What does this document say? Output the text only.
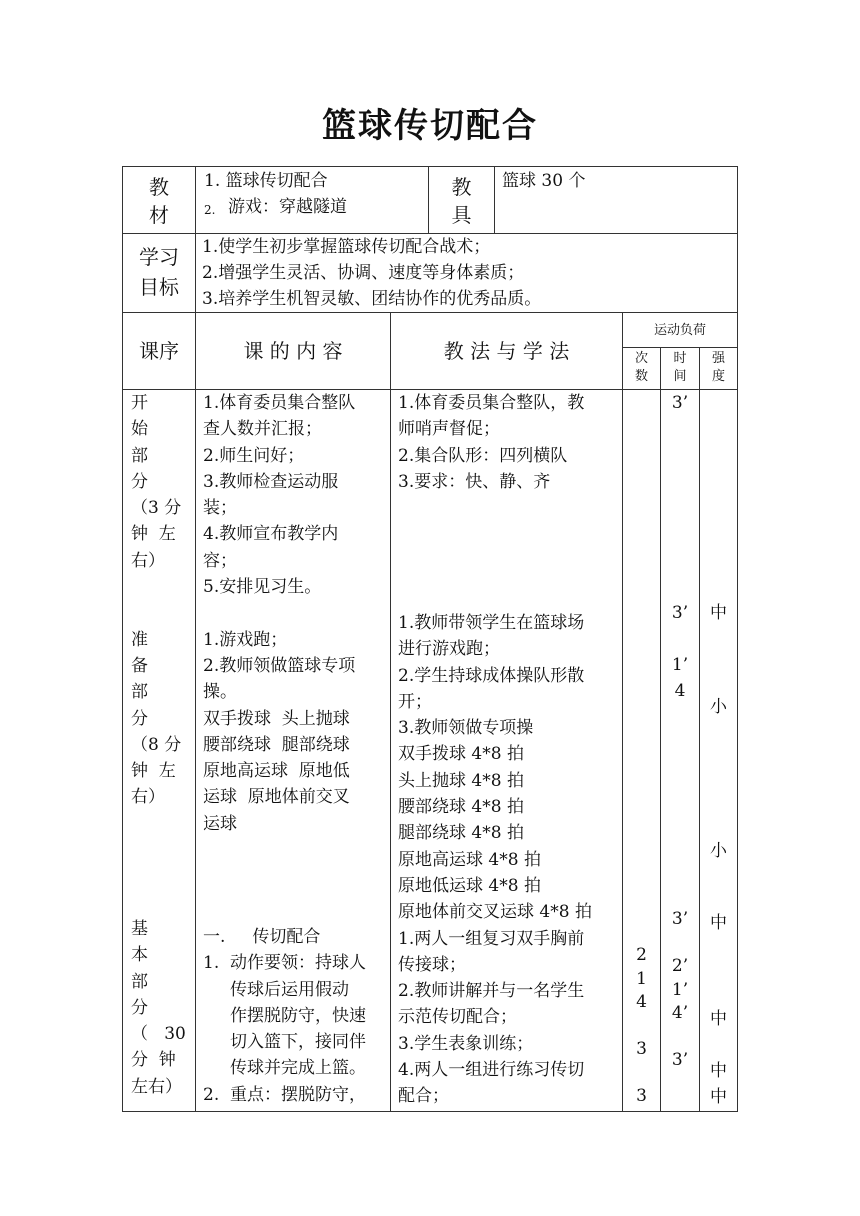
篮球传切配合
教
材
1. 篮球传切配合
2. 游戏：穿越隧道
教
具
篮球 30 个
学习
目标
1.使学生初步掌握篮球传切配合战术；
2.增强学生灵活、协调、速度等身体素质；
3.培养学生机智灵敏、团结协作的优秀品质。
课序	课 的 内 容	教 法 与 学 法
运动负荷
次
数
时
间
强
度
开
始
部
分
（3 分
钟  左
右）

准
备
部
分
（8 分
钟  左
右）

基
本
部
分
（   30
分  钟
左右）
1.体育委员集合整队
查人数并汇报；
2.师生问好；
3.教师检查运动服
装；
4.教师宣布教学内
容；
5.安排见习生。

1.游戏跑；
2.教师领做篮球专项
操。
双手拨球  头上抛球
腰部绕球  腿部绕球
原地高运球  原地低
运球  原地体前交叉
运球
一.     传切配合
1.  动作要领：持球人
传球后运用假动
作摆脱防守，快速
切入篮下，接同伴
传球并完成上篮。
2.  重点：摆脱防守，
1.体育委员集合整队，教
师哨声督促；
2.集合队形：四列横队
3.要求：快、静、齐
1.教师带领学生在篮球场
进行游戏跑；
2.学生持球成体操队形散
开；
3.教师领做专项操
双手拨球 4*8 拍
头上抛球 4*8 拍
腰部绕球 4*8 拍
腿部绕球 4*8 拍
原地高运球 4*8 拍
原地低运球 4*8 拍
原地体前交叉运球 4*8 拍
1.两人一组复习双手胸前
传接球；
2.教师讲解并与一名学生
示范传切配合；
3.学生表象训练；
4.两人一组进行练习传切
配合；
2
1
4

3

3
3’
3’

1’
4
3’

2’
1’
4’

3’
中
小
小
中
中

中
中
